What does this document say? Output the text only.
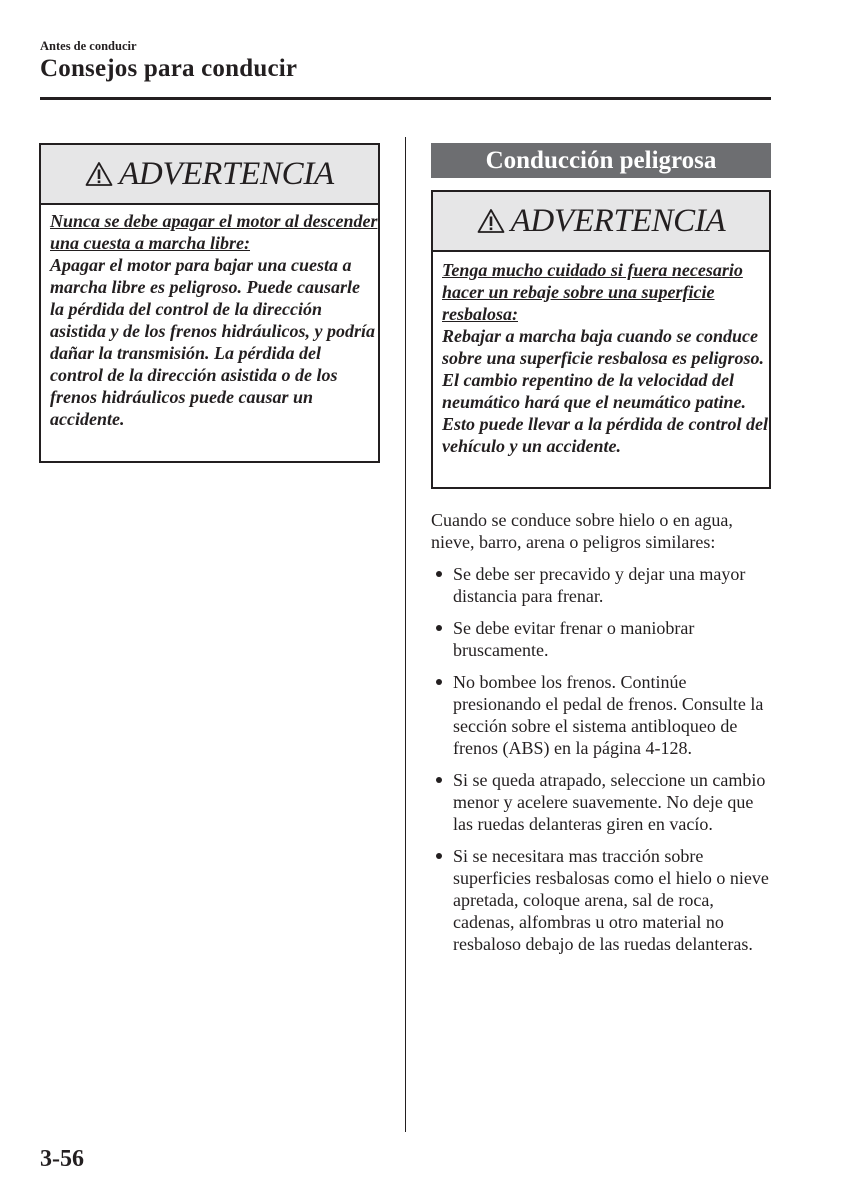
Antes de conducir
Consejos para conducir
ADVERTENCIA

Nunca se debe apagar el motor al descender una cuesta a marcha libre:

Apagar el motor para bajar una cuesta a marcha libre es peligroso. Puede causarle la pérdida del control de la dirección asistida y de los frenos hidráulicos, y podría dañar la transmisión. La pérdida del control de la dirección asistida o de los frenos hidráulicos puede causar un accidente.

Conducción peligrosa
ADVERTENCIA

Tenga mucho cuidado si fuera necesario hacer un rebaje sobre una superficie resbalosa:

Rebajar a marcha baja cuando se conduce sobre una superficie resbalosa es peligroso. El cambio repentino de la velocidad del neumático hará que el neumático patine. Esto puede llevar a la pérdida de control del vehículo y un accidente.

Cuando se conduce sobre hielo o en agua, nieve, barro, arena o peligros similares:

Se debe ser precavido y dejar una mayor distancia para frenar.
Se debe evitar frenar o maniobrar bruscamente.
No bombee los frenos. Continúe presionando el pedal de frenos. Consulte la sección sobre el sistema antibloqueo de frenos (ABS) en la página 4-128.
Si se queda atrapado, seleccione un cambio menor y acelere suavemente. No deje que las ruedas delanteras giren en vacío.
Si se necesitara mas tracción sobre superficies resbalosas como el hielo o nieve apretada, coloque arena, sal de roca, cadenas, alfombras u otro material no resbaloso debajo de las ruedas delanteras.
3-56
